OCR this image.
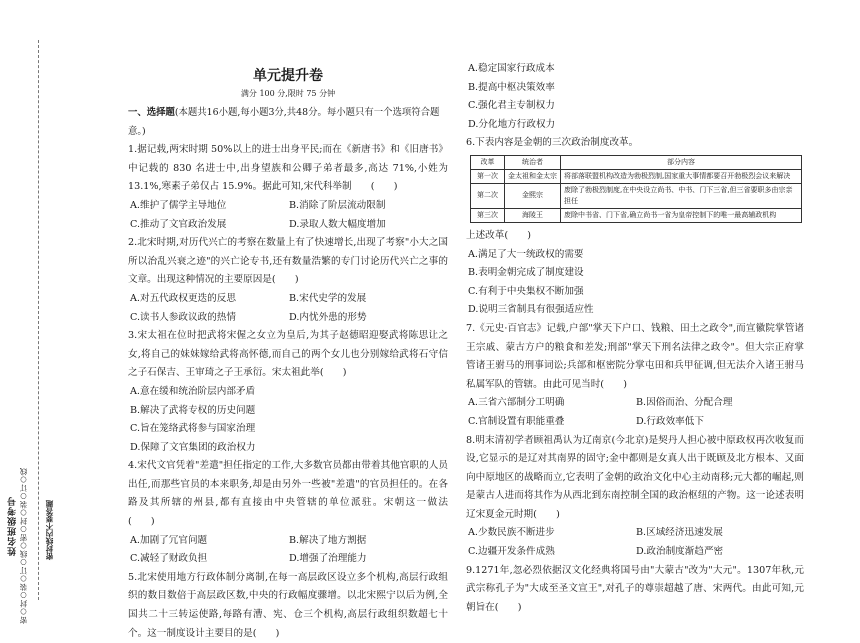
姓名班级考号 密○封○装○订○线○密○封○装○订○线 密封线内不要答题
单元提升卷
满分 100 分,限时 75 分钟
一、选择题(本题共16小题,每小题3分,共48分。每小题只有一个选项符合题意。)
1.据记载,两宋时期 50%以上的进士出身平民;而在《新唐书》和《旧唐书》中记载的 830 名进士中,出身望族和公卿子弟者最多,高达 71%,小姓为 13.1%,寒素子弟仅占 15.9%。据此可知,宋代科举制　　(　　)
A.维护了儒学主导地位	B.消除了阶层流动限制
C.推动了文官政治发展	D.录取人数大幅度增加
2.北宋时期,对历代兴亡的考察在数量上有了快速增长,出现了考察"小大之国所以治乱兴衰之迹"的兴亡论专书,还有数量浩繁的专门讨论历代兴亡之事的文章。出现这种情况的主要原因是(　　)
A.对五代政权更迭的反思	B.宋代史学的发展
C.读书人参政议政的热情	D.内忧外患的形势
3.宋太祖在位时把武将宋偓之女立为皇后,为其子赵德昭迎娶武将陈思让之女,将自己的妹妹嫁给武将高怀德,而自己的两个女儿也分别嫁给武将石守信之子石保吉、王审琦之子王承衍。宋太祖此举(　　)
A.意在缓和统治阶层内部矛盾
B.解决了武将专权的历史问题
C.旨在笼络武将参与国家治理
D.保障了文官集团的政治权力
4.宋代文官凭着"差遣"担任指定的工作,大多数官员都由带着其他官职的人员出任,而那些官员的本来职务,却是由另外一些被"差遣"的官员担任的。在各路及其所辖的州县,都有直接由中央管辖的单位派驻。宋朝这一做法　　(　　)
A.加剧了冗官问题	B.解决了地方割据
C.减轻了财政负担	D.增强了治理能力
5.北宋使用地方行政体制分离制,在每一高层政区设立多个机构,高层行政组织的数目数倍于高层政区数,中央的行政幅度骤增。以北宋熙宁以后为例,全国共二十三转运使路,每路有漕、宪、仓三个机构,高层行政组织数超七十个。这一制度设计主要目的是(　　)
A.稳定国家行政成本
B.提高中枢决策效率
C.强化君主专制权力
D.分化地方行政权力
6.下表内容是金朝的三次政治制度改革。
改革	统治者	部分内容
第一次	金太祖和金太宗	将部落联盟机构改造为勃极烈制,国家重大事情都要召开勃极烈会议来解决
第二次	金熙宗	废除了勃极烈制度,在中央设立尚书、中书、门下三省,但三省要职多由宗亲担任
第三次	海陵王	废除中书省、门下省,确立尚书一省为皇帝控制下的唯一最高辅政机构
上述改革(　　)
A.满足了大一统政权的需要
B.表明金朝完成了制度建设
C.有利于中央集权不断加强
D.说明三省制具有很强适应性
7.《元史·百官志》记载,户部"掌天下户口、钱粮、田土之政令",而宣徽院掌管诸王宗戚、蒙古方户的粮食和差发;刑部"掌天下刑名法律之政令"。但大宗正府掌管诸王驸马的刑事词讼;兵部和枢密院分掌屯田和兵甲征调,但无法介入诸王驸马私属军队的管辖。由此可见当时(　　)
A.三省六部制分工明确	B.因俗而治、分配合理
C.官制设置有职能重叠	D.行政效率低下
8.明末清初学者顾祖禹认为辽南京(今北京)是契丹人担心被中原政权再次收复而设,它显示的是辽对其南界的固守;金中都则是女真人出于既顾及北方根本、又面向中原地区的战略而立,它表明了金朝的政治文化中心主动南移;元大都的崛起,则是蒙古人进而将其作为从西北到东南控制全国的政治枢纽的产物。这一论述表明辽宋夏金元时期(　　)
A.少数民族不断进步	B.区域经济迅速发展
C.边疆开发条件成熟	D.政治制度渐趋严密
9.1271年,忽必烈依据汉文化经典将国号由"大蒙古"改为"大元"。1307年秋,元武宗称孔子为"大成至圣文宣王",对孔子的尊崇超越了唐、宋两代。由此可知,元朝旨在(　　)
